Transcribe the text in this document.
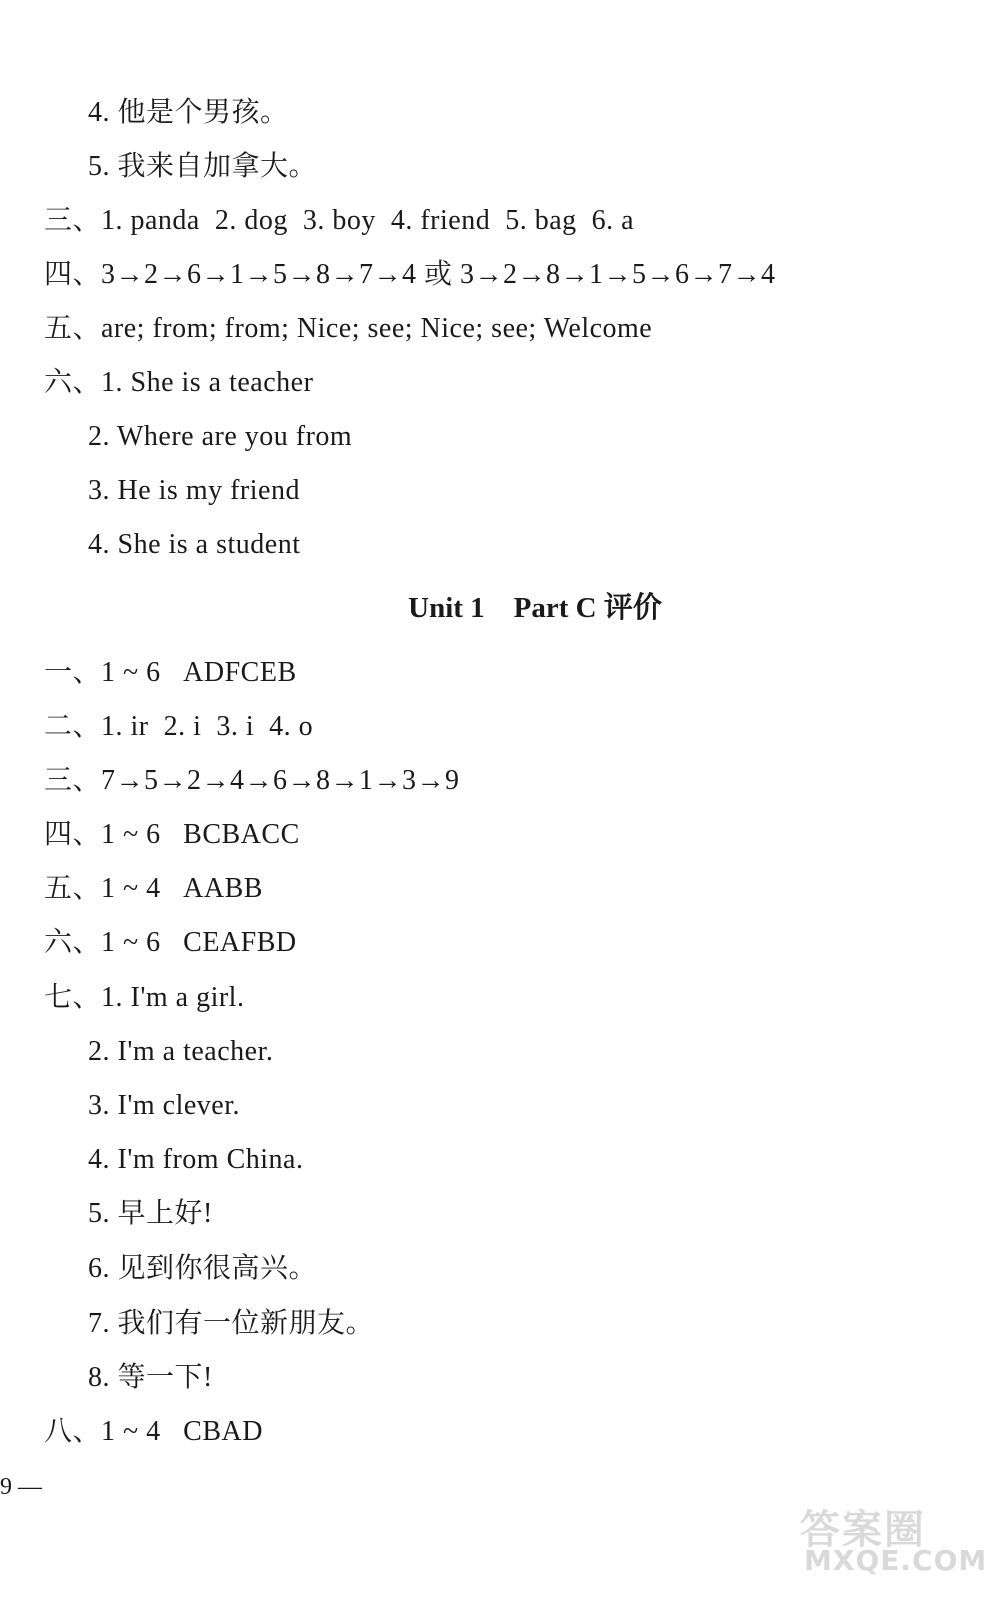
4. 他是个男孩。
5. 我来自加拿大。
三、1. panda  2. dog  3. boy  4. friend  5. bag  6. a
四、3→2→6→1→5→8→7→4 或 3→2→8→1→5→6→7→4
五、are; from; from; Nice; see; Nice; see; Welcome
六、1. She is a teacher
2. Where are you from
3. He is my friend
4. She is a student
Unit 1    Part C 评价
一、1 ~ 6   ADFCEB
二、1. ir  2. i  3. i  4. o
三、7→5→2→4→6→8→1→3→9
四、1 ~ 6   BCBACC
五、1 ~ 4   AABB
六、1 ~ 6   CEAFBD
七、1. I'm a girl.
2. I'm a teacher.
3. I'm clever.
4. I'm from China.
5. 早上好!
6. 见到你很高兴。
7. 我们有一位新朋友。
8. 等一下!
八、1 ~ 4   CBAD
9 —
答案圈
MXQE.COM
